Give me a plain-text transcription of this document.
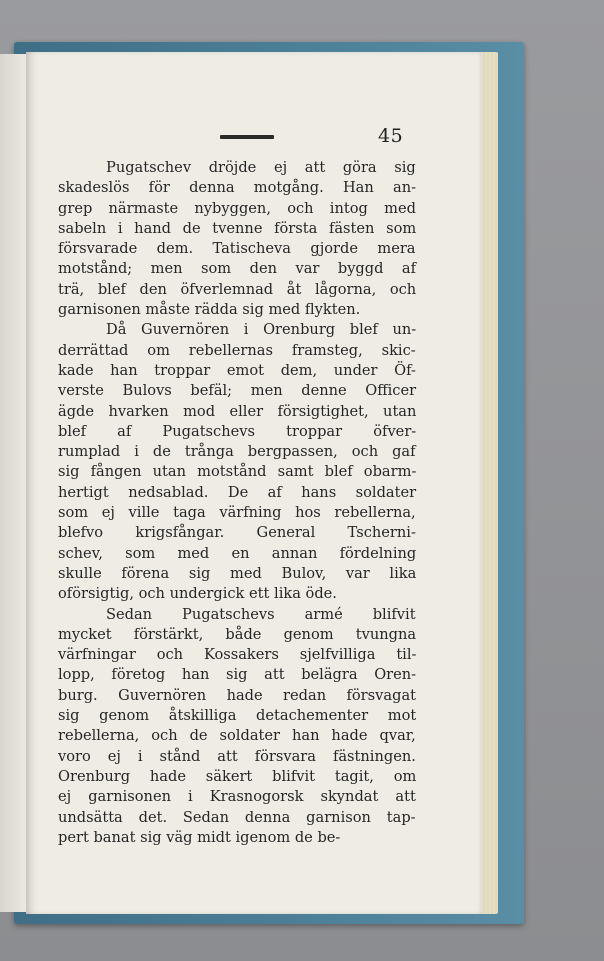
45
Pugatschev dröjde ej att göra sig
skadeslös för denna motgång. Han an-
grep närmaste nybyggen, och intog med
sabeln i hand de tvenne första fästen som
försvarade dem. Tatischeva gjorde mera
motstånd; men som den var byggd af
trä, blef den öfverlemnad åt lågorna, och
garnisonen måste rädda sig med flykten.
Då Guvernören i Orenburg blef un-
derrättad om rebellernas framsteg, skic-
kade han troppar emot dem, under Öf-
verste Bulovs befäl; men denne Officer
ägde hvarken mod eller försigtighet, utan
blef af Pugatschevs troppar öfver-
rumplad i de trånga bergpassen, och gaf
sig fången utan motstånd samt blef obarm-
hertigt nedsablad. De af hans soldater
som ej ville taga värfning hos rebellerna,
blefvo krigsfångar. General Tscherni-
schev, som med en annan fördelning
skulle förena sig med Bulov, var lika
oförsigtig, och undergick ett lika öde.
Sedan Pugatschevs armé blifvit
mycket förstärkt, både genom tvungna
värfningar och Kossakers sjelfvilliga til-
lopp, företog han sig att belägra Oren-
burg. Guvernören hade redan försvagat
sig genom åtskilliga detachementer mot
rebellerna, och de soldater han hade qvar,
voro ej i stånd att försvara fästningen.
Orenburg hade säkert blifvit tagit, om
ej garnisonen i Krasnogorsk skyndat att
undsätta det. Sedan denna garnison tap-
pert banat sig väg midt igenom de be-
